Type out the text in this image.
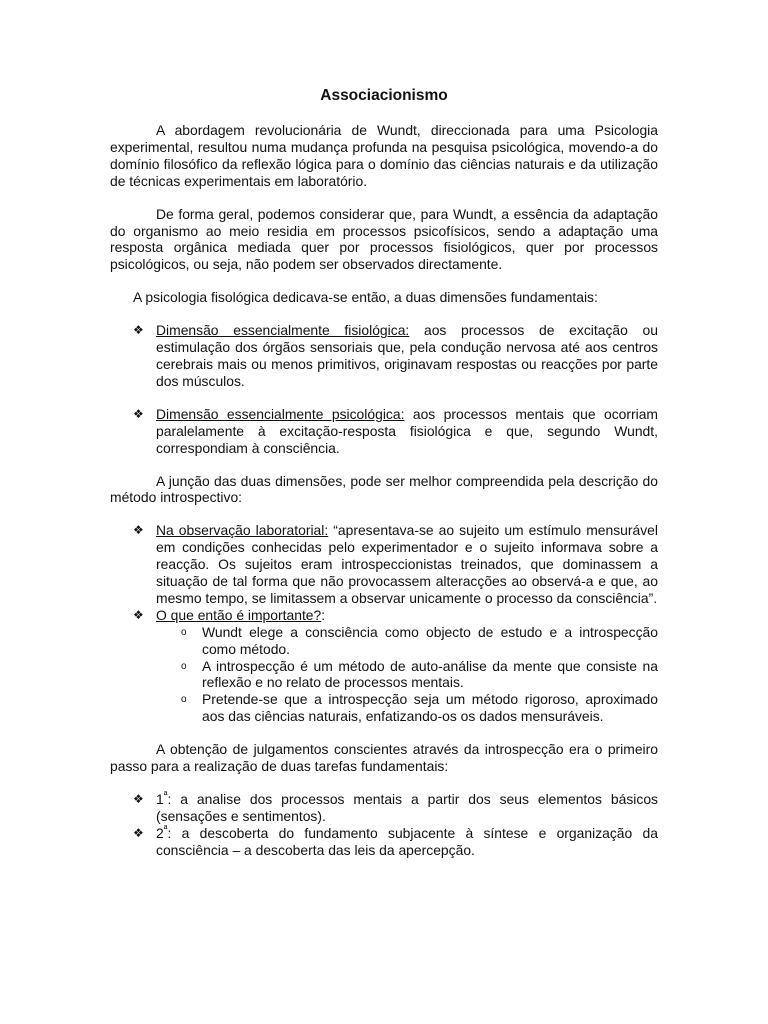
Associacionismo

A abordagem revolucionária de Wundt, direccionada para uma Psicologia experimental, resultou numa mudança profunda na pesquisa psicológica, movendo-a do domínio filosófico da reflexão lógica para o domínio das ciências naturais e da utilização de técnicas experimentais em laboratório.

De forma geral, podemos considerar que, para Wundt, a essência da adaptação do organismo ao meio residia em processos psicofísicos, sendo a adaptação uma resposta orgânica mediada quer por processos fisiológicos, quer por processos psicológicos, ou seja, não podem ser observados directamente.

A psicologia fisológica dedicava-se então, a duas dimensões fundamentais:

❖ Dimensão essencialmente fisiológica: aos processos de excitação ou estimulação dos órgãos sensoriais que, pela condução nervosa até aos centros cerebrais mais ou menos primitivos, originavam respostas ou reacções por parte dos músculos.
❖ Dimensão essencialmente psicológica: aos processos mentais que ocorriam paralelamente à excitação-resposta fisiológica e que, segundo Wundt, correspondiam à consciência.

A junção das duas dimensões, pode ser melhor compreendida pela descrição do método introspectivo:

❖ Na observação laboratorial: “apresentava-se ao sujeito um estímulo mensurável em condições conhecidas pelo experimentador e o sujeito informava sobre a reacção. Os sujeitos eram introspeccionistas treinados, que dominassem a situação de tal forma que não provocassem alteracções ao observá-a e que, ao mesmo tempo, se limitassem a observar unicamente o processo da consciência”.
❖ O que então é importante?:
o Wundt elege a consciência como objecto de estudo e a introspecção como método.
o A introspecção é um método de auto-análise da mente que consiste na reflexão e no relato de processos mentais.
o Pretende-se que a introspecção seja um método rigoroso, aproximado aos das ciências naturais, enfatizando-os os dados mensuráveis.

A obtenção de julgamentos conscientes através da introspecção era o primeiro passo para a realização de duas tarefas fundamentais:

❖ $1^ª$: a analise dos processos mentais a partir dos seus elementos básicos (sensações e sentimentos).
❖ $2^ª$: a descoberta do fundamento subjacente à síntese e organização da consciência – a descoberta das leis da apercepção.
